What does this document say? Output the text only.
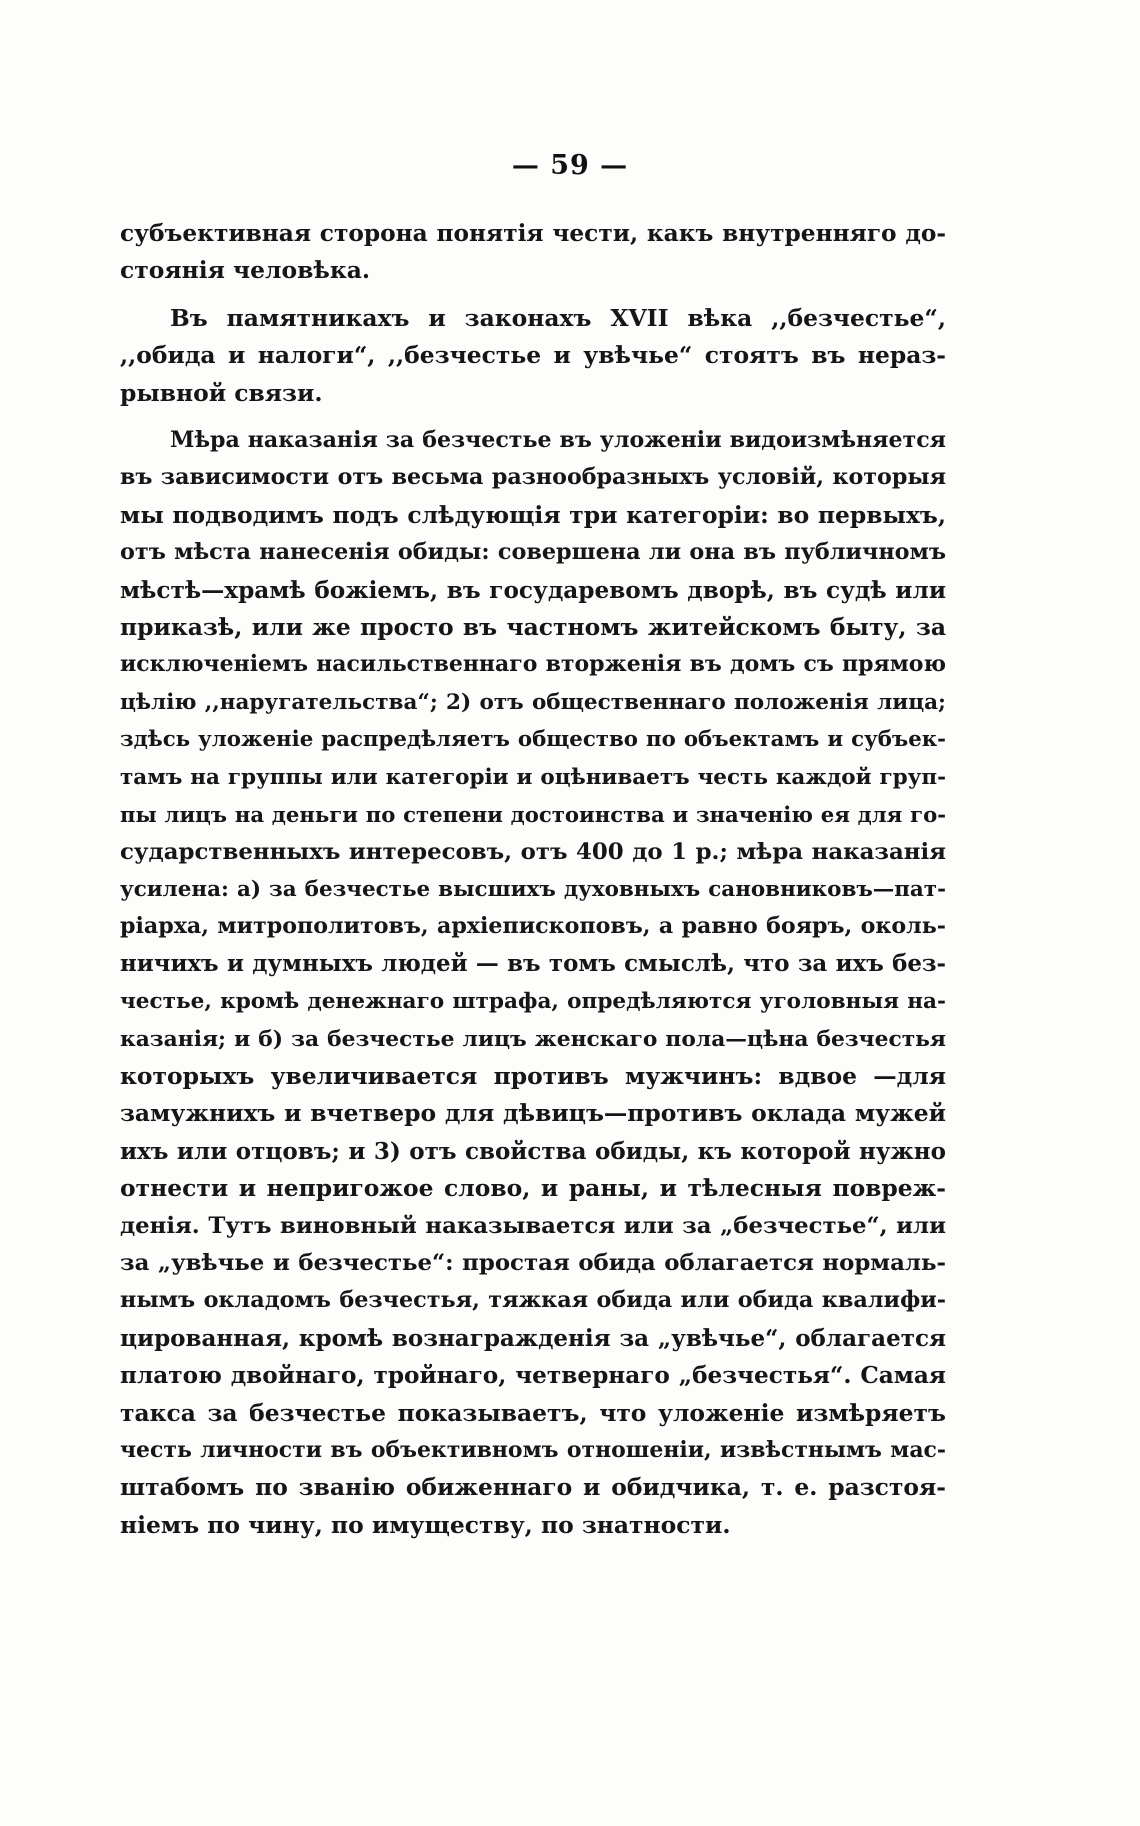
— 59 —
субъективная сторона понятія чести, какъ внутренняго до-
стоянія человѣка.
Въ памятникахъ и законахъ XVII вѣка ,,безчестье“,
,,обида и налоги“, ,,безчестье и увѣчье“ стоятъ въ нераз-
рывной связи.
Мѣра наказанія за безчестье въ уложеніи видоизмѣняется
въ зависимости отъ весьма разнообразныхъ условій, которыя
мы подводимъ подъ слѣдующія три категоріи: во первыхъ,
отъ мѣста нанесенія обиды: совершена ли она въ публичномъ
мѣстѣ—храмѣ божіемъ, въ государевомъ дворѣ, въ судѣ или
приказѣ, или же просто въ частномъ житейскомъ быту, за
исключеніемъ насильственнаго вторженія въ домъ съ прямою
цѣлію ,,наругательства“; 2) отъ общественнаго положенія лица;
здѣсь уложеніе распредѣляетъ общество по объектамъ и субъек-
тамъ на группы или категоріи и оцѣниваетъ честь каждой груп-
пы лицъ на деньги по степени достоинства и значенію ея для го-
сударственныхъ интересовъ, отъ 400 до 1 р.; мѣра наказанія
усилена: а) за безчестье высшихъ духовныхъ сановниковъ—пат-
ріарха, митрополитовъ, архіепископовъ, а равно бояръ, околь-
ничихъ и думныхъ людей — въ томъ смыслѣ, что за ихъ без-
честье, кромѣ денежнаго штрафа, опредѣляются уголовныя на-
казанія; и б) за безчестье лицъ женскаго пола—цѣна безчестья
которыхъ увеличивается противъ мужчинъ: вдвое —для
замужнихъ и вчетверо для дѣвицъ—противъ оклада мужей
ихъ или отцовъ; и 3) отъ свойства обиды, къ которой нужно
отнести и непригожое слово, и раны, и тѣлесныя повреж-
денія. Тутъ виновный наказывается или за „безчестье“, или
за „увѣчье и безчестье“: простая обида облагается нормаль-
нымъ окладомъ безчестья, тяжкая обида или обида квалифи-
цированная, кромѣ вознагражденія за „увѣчье“, облагается
платою двойнаго, тройнаго, четвернаго „безчестья“. Самая
такса за безчестье показываетъ, что уложеніе измѣряетъ
честь личности въ объективномъ отношеніи, извѣстнымъ мас-
штабомъ по званію обиженнаго и обидчика, т. е. разстоя-
ніемъ по чину, по имуществу, по знатности.
